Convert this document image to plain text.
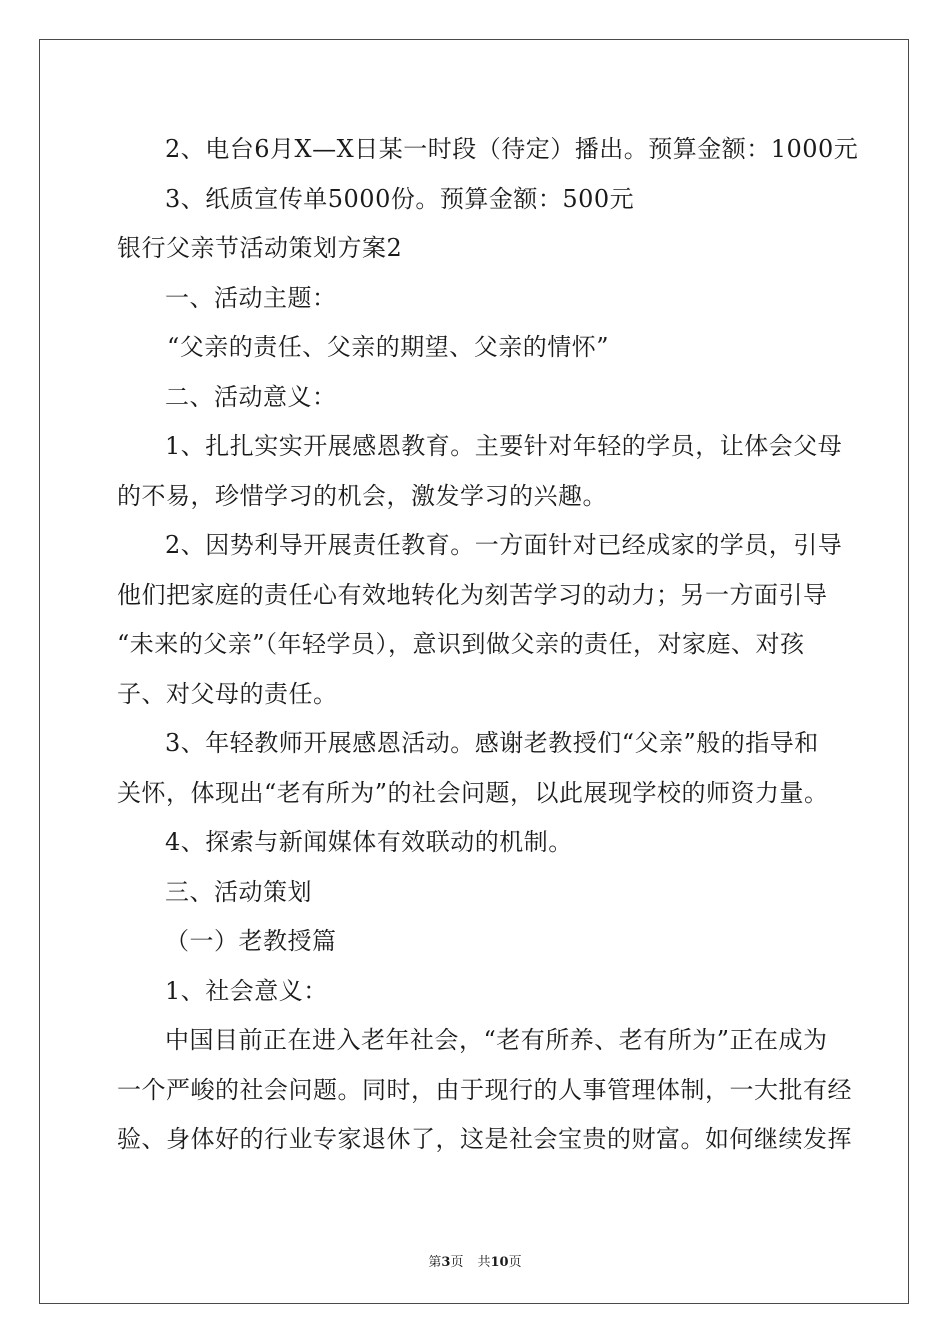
2、电台6月X—X日某一时段（待定）播出。预算金额：1000元
3、纸质宣传单5000份。预算金额：500元
银行父亲节活动策划方案2
一、活动主题：
“父亲的责任、父亲的期望、父亲的情怀”
二、活动意义：
1、扎扎实实开展感恩教育。主要针对年轻的学员，让体会父母
的不易，珍惜学习的机会，激发学习的兴趣。
2、因势利导开展责任教育。一方面针对已经成家的学员，引导
他们把家庭的责任心有效地转化为刻苦学习的动力；另一方面引导
“未来的父亲”（年轻学员），意识到做父亲的责任，对家庭、对孩
子、对父母的责任。
3、年轻教师开展感恩活动。感谢老教授们“父亲”般的指导和
关怀，体现出“老有所为”的社会问题，以此展现学校的师资力量。
4、探索与新闻媒体有效联动的机制。
三、活动策划
（一）老教授篇
1、社会意义：
中国目前正在进入老年社会，“老有所养、老有所为”正在成为
一个严峻的社会问题。同时，由于现行的人事管理体制，一大批有经
验、身体好的行业专家退休了，这是社会宝贵的财富。如何继续发挥
第3页 共10页
